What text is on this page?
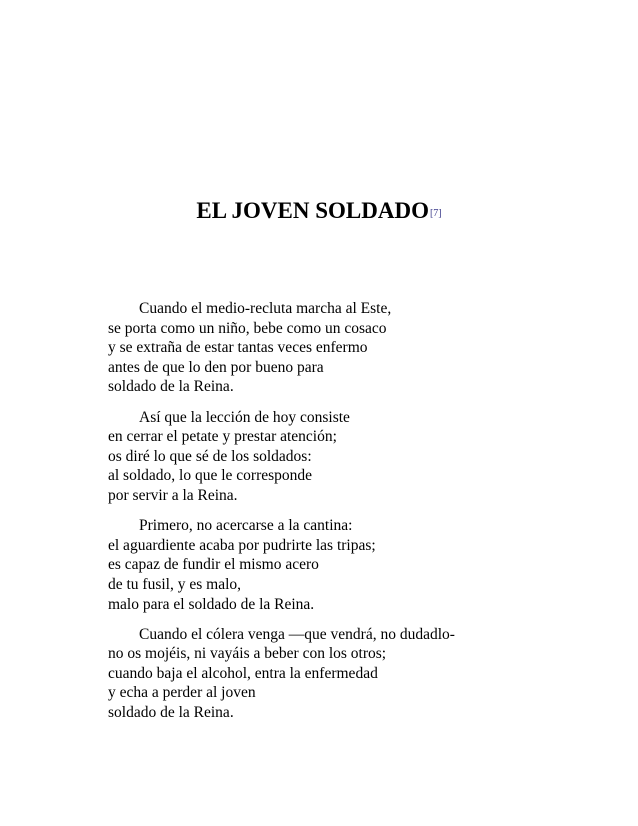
EL JOVEN SOLDADO[7]

Cuando el medio-recluta marcha al Este,
se porta como un niño, bebe como un cosaco
y se extraña de estar tantas veces enfermo
antes de que lo den por bueno para
soldado de la Reina.

Así que la lección de hoy consiste
en cerrar el petate y prestar atención;
os diré lo que sé de los soldados:
al soldado, lo que le corresponde
por servir a la Reina.

Primero, no acercarse a la cantina:
el aguardiente acaba por pudrirte las tripas;
es capaz de fundir el mismo acero
de tu fusil, y es malo,
malo para el soldado de la Reina.

Cuando el cólera venga —que vendrá, no dudadlo-
no os mojéis, ni vayáis a beber con los otros;
cuando baja el alcohol, entra la enfermedad
y echa a perder al joven
soldado de la Reina.
